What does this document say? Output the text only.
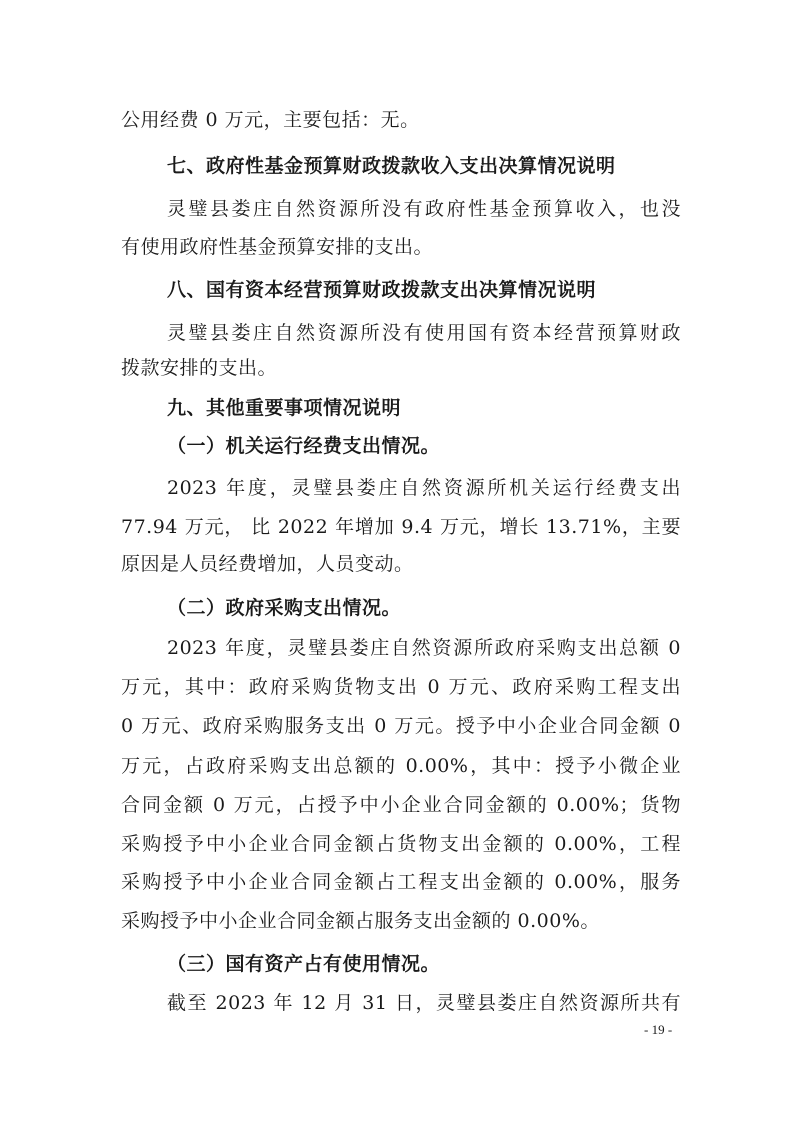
公用经费 0 万元，主要包括：无。
七、政府性基金预算财政拨款收入支出决算情况说明
灵璧县娄庄自然资源所没有政府性基金预算收入，也没
有使用政府性基金预算安排的支出。
八、国有资本经营预算财政拨款支出决算情况说明
灵璧县娄庄自然资源所没有使用国有资本经营预算财政
拨款安排的支出。
九、其他重要事项情况说明
（一）机关运行经费支出情况。
2023 年度，灵璧县娄庄自然资源所机关运行经费支出
77.94 万元， 比 2022 年增加 9.4 万元，增长 13.71%，主要
原因是人员经费增加，人员变动。
（二）政府采购支出情况。
2023 年度，灵璧县娄庄自然资源所政府采购支出总额 0
万元，其中：政府采购货物支出 0 万元、政府采购工程支出
0 万元、政府采购服务支出 0 万元。授予中小企业合同金额 0
万元，占政府采购支出总额的 0.00%，其中：授予小微企业
合同金额 0 万元，占授予中小企业合同金额的 0.00%；货物
采购授予中小企业合同金额占货物支出金额的 0.00%，工程
采购授予中小企业合同金额占工程支出金额的 0.00%，服务
采购授予中小企业合同金额占服务支出金额的 0.00%。
（三）国有资产占有使用情况。
截至 2023 年 12 月 31 日，灵璧县娄庄自然资源所共有
- 19 -
